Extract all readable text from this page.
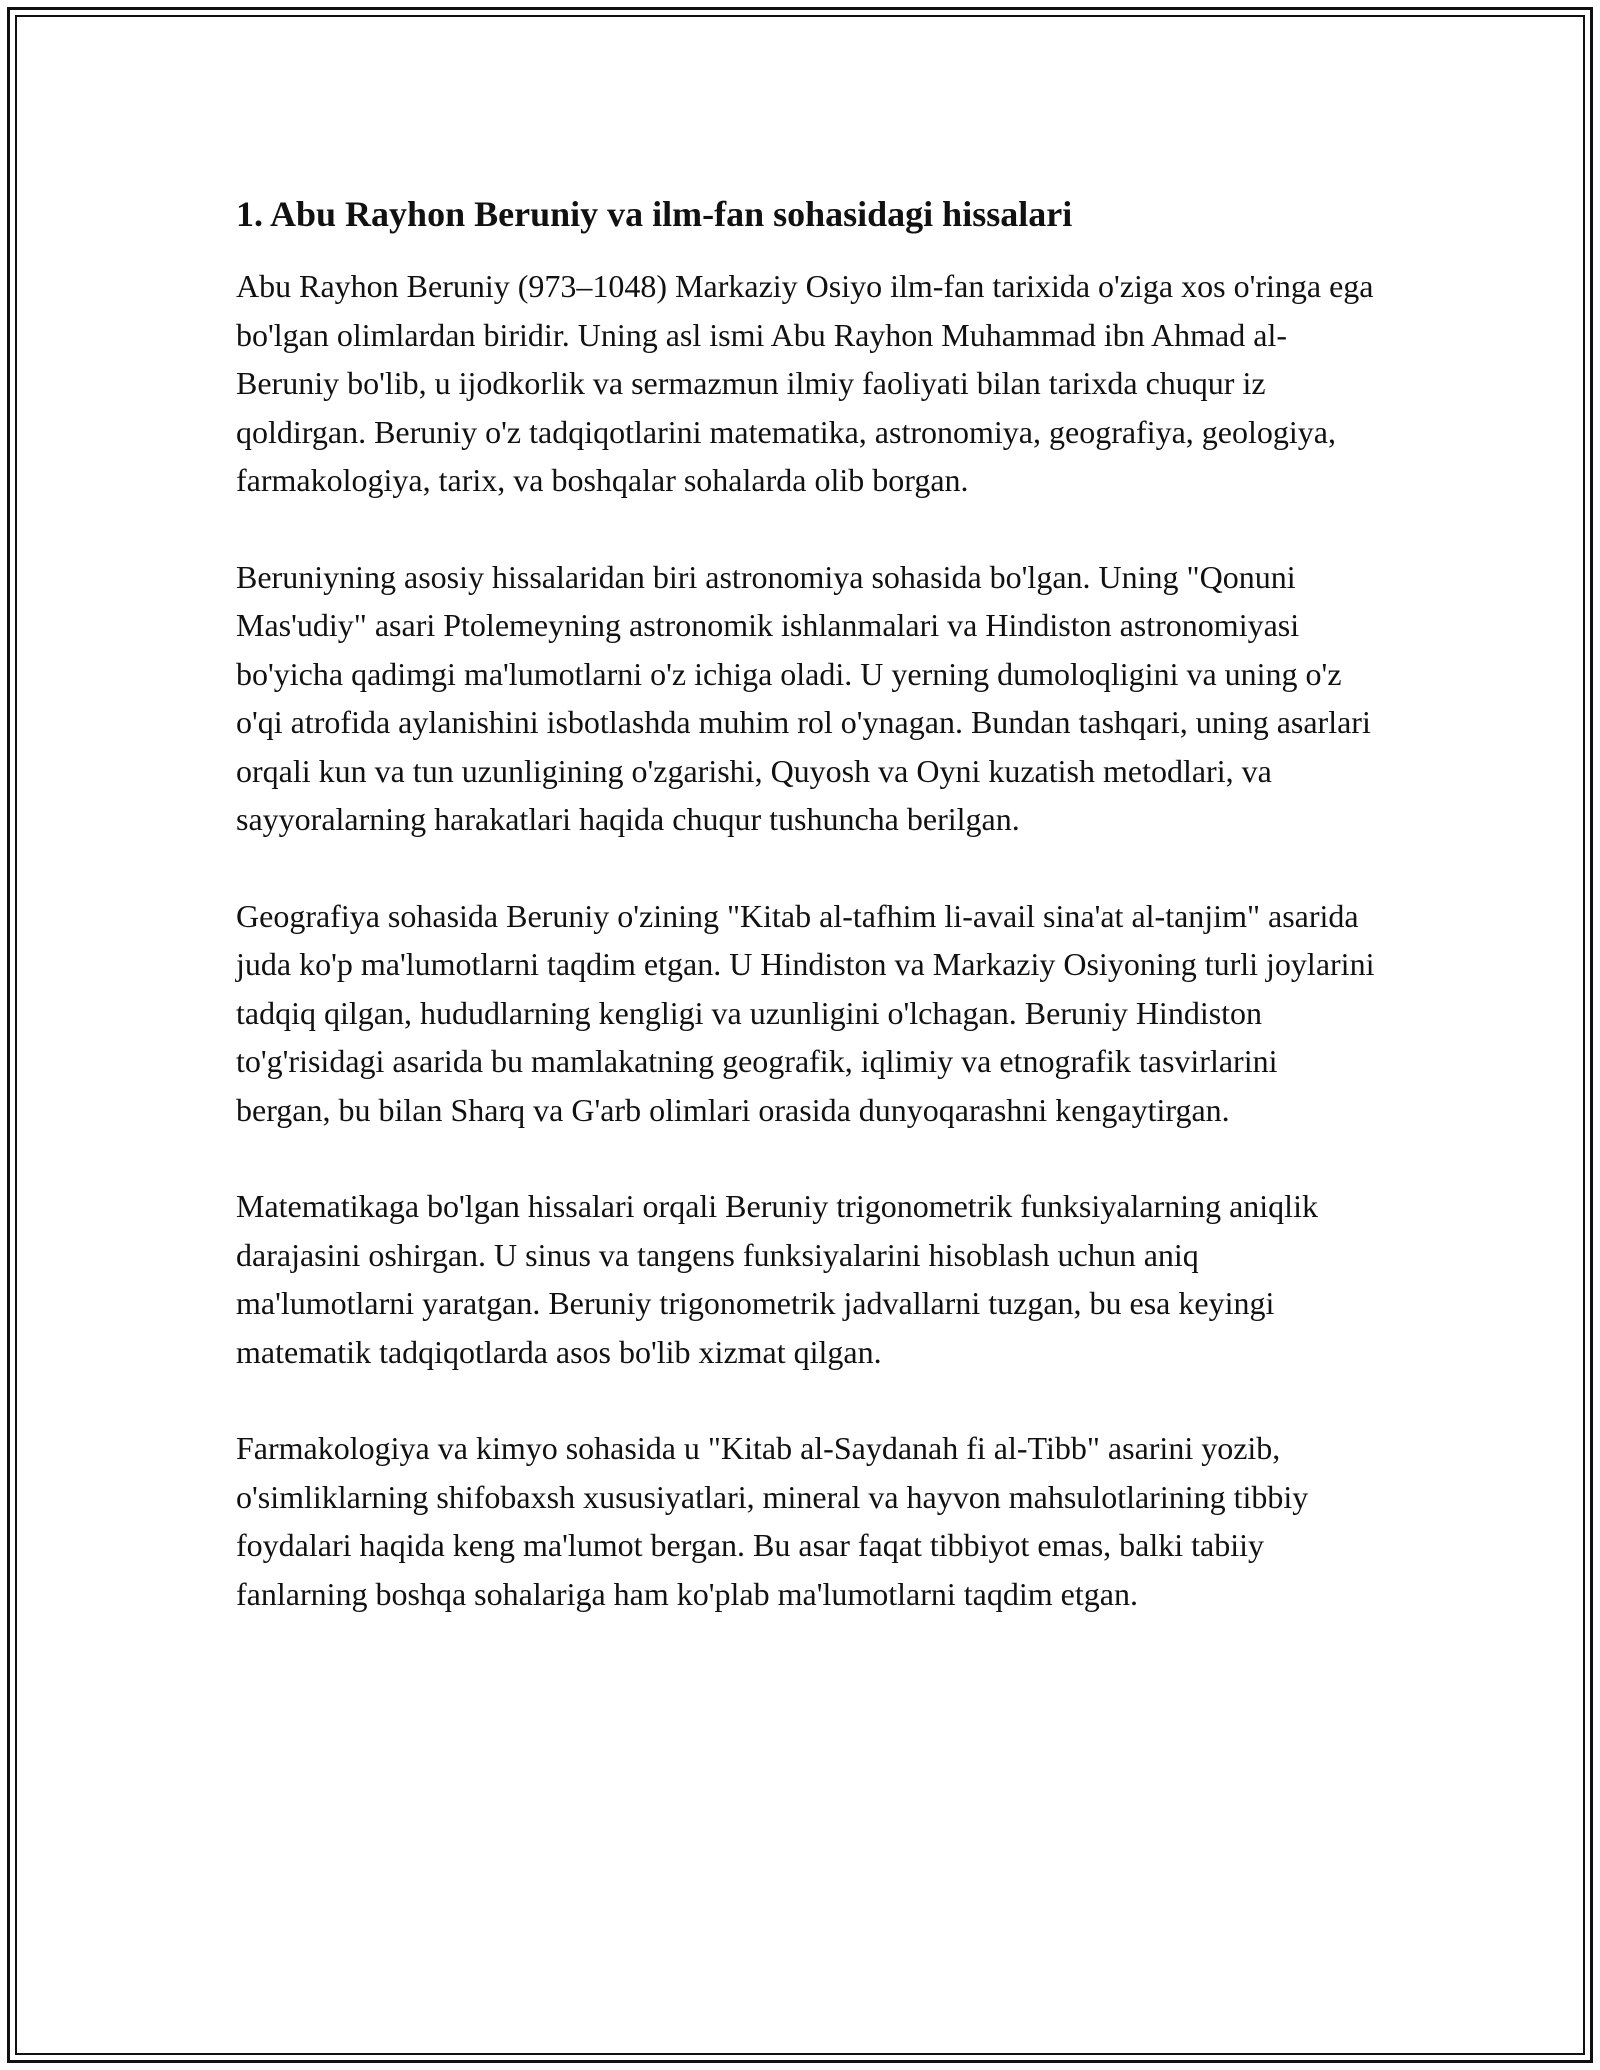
1. Abu Rayhon Beruniy va ilm-fan sohasidagi hissalari

Abu Rayhon Beruniy (973–1048) Markaziy Osiyo ilm-fan tarixida o'ziga xos o'ringa ega bo'lgan olimlardan biridir. Uning asl ismi Abu Rayhon Muhammad ibn Ahmad al-Beruniy bo'lib, u ijodkorlik va sermazmun ilmiy faoliyati bilan tarixda chuqur iz qoldirgan. Beruniy o'z tadqiqotlarini matematika, astronomiya, geografiya, geologiya, farmakologiya, tarix, va boshqalar sohalarda olib borgan.

Beruniyning asosiy hissalaridan biri astronomiya sohasida bo'lgan. Uning "Qonuni Mas'udiy" asari Ptolemeyning astronomik ishlanmalari va Hindiston astronomiyasi bo'yicha qadimgi ma'lumotlarni o'z ichiga oladi. U yerning dumoloqligini va uning o'z o'qi atrofida aylanishini isbotlashda muhim rol o'ynagan. Bundan tashqari, uning asarlari orqali kun va tun uzunligining o'zgarishi, Quyosh va Oyni kuzatish metodlari, va sayyoralarning harakatlari haqida chuqur tushuncha berilgan.

Geografiya sohasida Beruniy o'zining "Kitab al-tafhim li-avail sina'at al-tanjim" asarida juda ko'p ma'lumotlarni taqdim etgan. U Hindiston va Markaziy Osiyoning turli joylarini tadqiq qilgan, hududlarning kengligi va uzunligini o'lchagan. Beruniy Hindiston to'g'risidagi asarida bu mamlakatning geografik, iqlimiy va etnografik tasvirlarini bergan, bu bilan Sharq va G'arb olimlari orasida dunyoqarashni kengaytirgan.

Matematikaga bo'lgan hissalari orqali Beruniy trigonometrik funksiyalarning aniqlik darajasini oshirgan. U sinus va tangens funksiyalarini hisoblash uchun aniq ma'lumotlarni yaratgan. Beruniy trigonometrik jadvallarni tuzgan, bu esa keyingi matematik tadqiqotlarda asos bo'lib xizmat qilgan.

Farmakologiya va kimyo sohasida u "Kitab al-Saydanah fi al-Tibb" asarini yozib, o'simliklarning shifobaxsh xususiyatlari, mineral va hayvon mahsulotlarining tibbiy foydalari haqida keng ma'lumot bergan. Bu asar faqat tibbiyot emas, balki tabiiy fanlarning boshqa sohalariga ham ko'plab ma'lumotlarni taqdim etgan.
